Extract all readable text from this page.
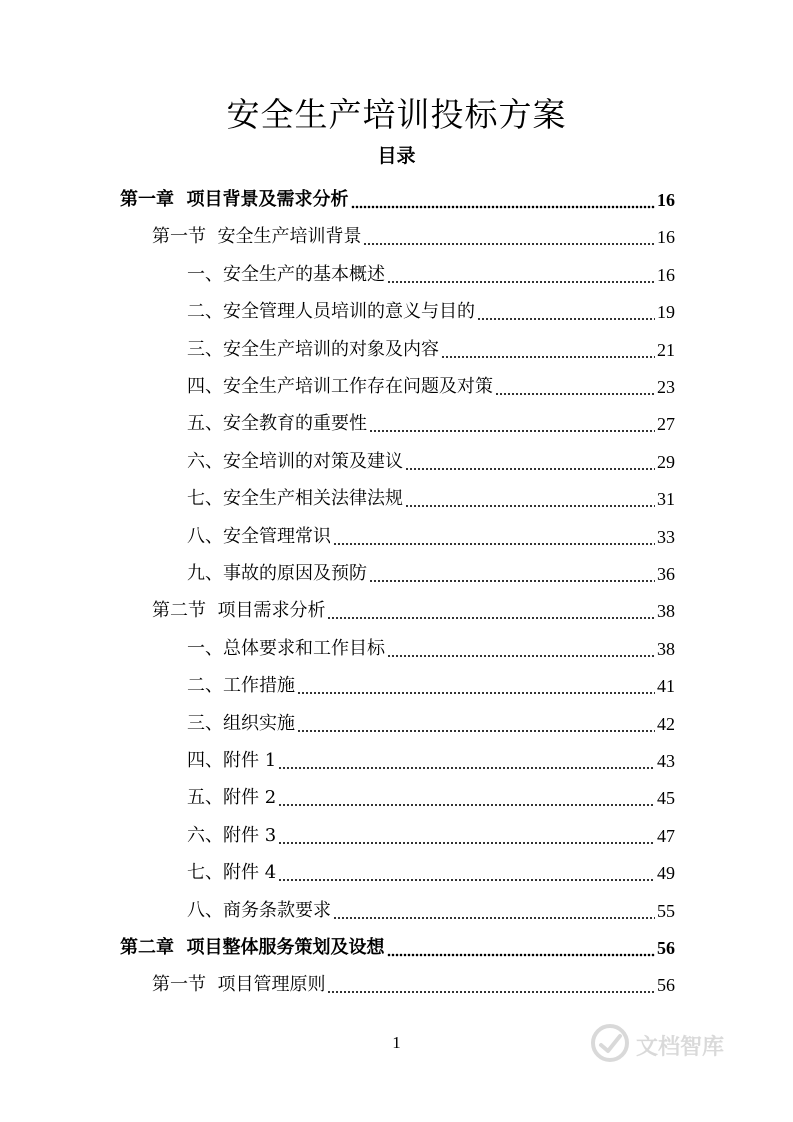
安全生产培训投标方案
目录
第一章  项目背景及需求分析	16
第一节  安全生产培训背景	16
一、安全生产的基本概述	16
二、安全管理人员培训的意义与目的	19
三、安全生产培训的对象及内容	21
四、安全生产培训工作存在问题及对策	23
五、安全教育的重要性	27
六、安全培训的对策及建议	29
七、安全生产相关法律法规	31
八、安全管理常识	33
九、事故的原因及预防	36
第二节  项目需求分析	38
一、总体要求和工作目标	38
二、工作措施	41
三、组织实施	42
四、附件 1	43
五、附件 2	45
六、附件 3	47
七、附件 4	49
八、商务条款要求	55
第二章  项目整体服务策划及设想	56
第一节  项目管理原则	56
1	文档智库
